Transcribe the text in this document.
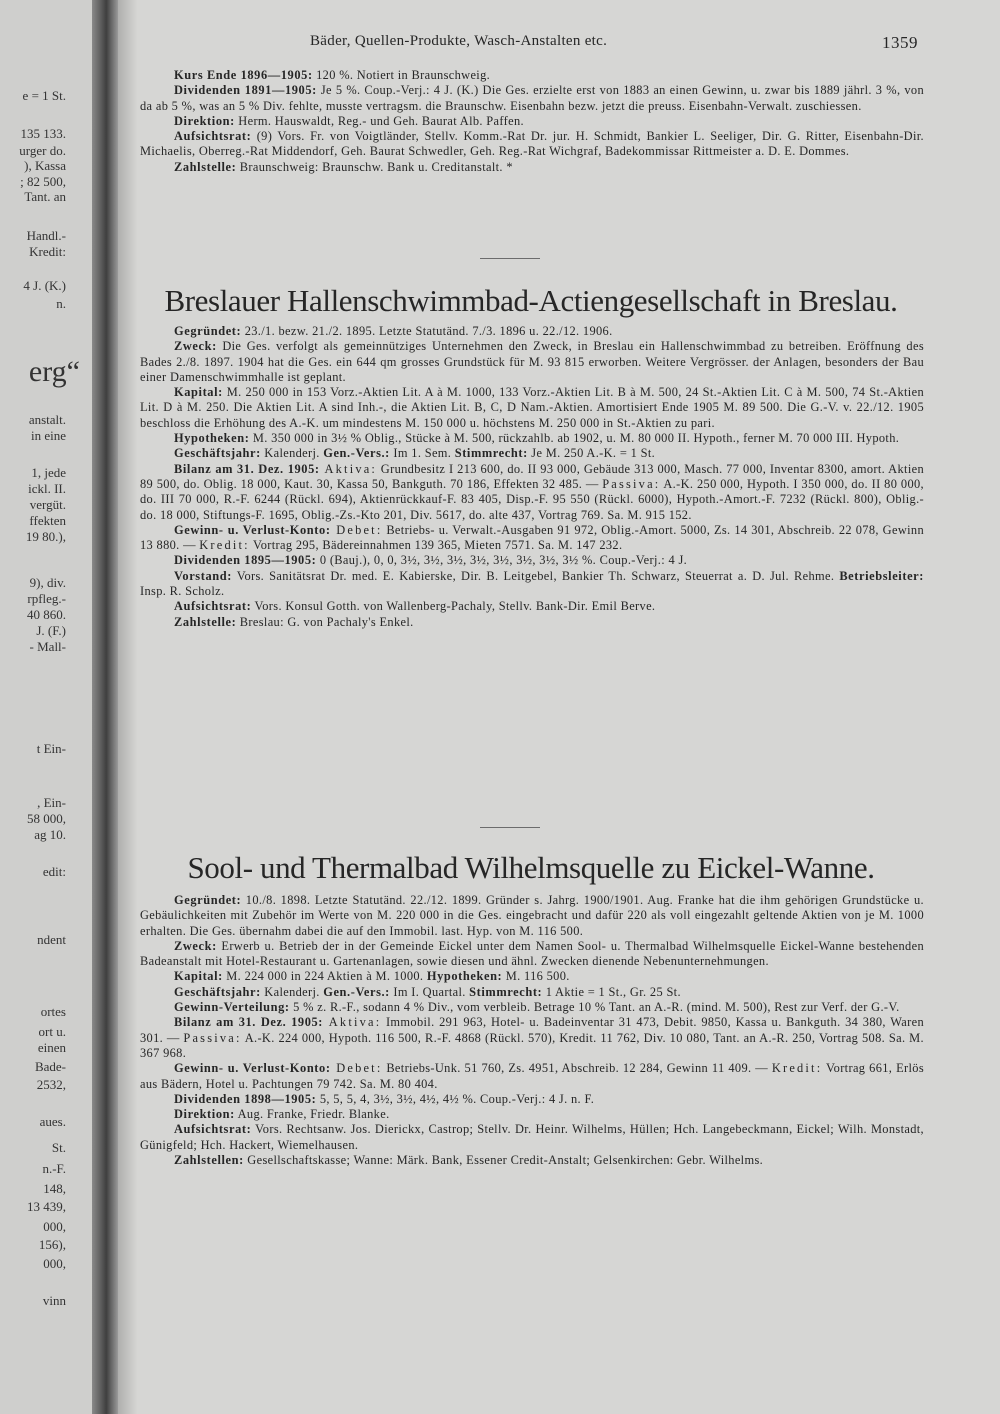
e = 1 St.
135 133.
urger do.
), Kassa
; 82 500,
Tant. an
Handl.-
Kredit:
4 J. (K.)
n.
erg“
anstalt.
in eine
1, jede
ickl. II.
vergüt.
ffekten
19 80.),
9), div.
rpfleg.-
40 860.
J. (F.)
- Mall-
t Ein-
, Ein-
58 000,
ag 10.
edit:
ndent
ortes
ort u.
einen
Bade-
2532,
aues.
St.
n.-F.
148,
13 439,
000,
156),
000,
vinn
Bäder, Quellen-Produkte, Wasch-Anstalten etc.	1359

Kurs Ende 1896—1905: 120 %. Notiert in Braunschweig.

Dividenden 1891—1905: Je 5 %. Coup.-Verj.: 4 J. (K.) Die Ges. erzielte erst von 1883 an einen Gewinn, u. zwar bis 1889 jährl. 3 %, von da ab 5 %, was an 5 % Div. fehlte, musste vertragsm. die Braunschw. Eisenbahn bezw. jetzt die preuss. Eisenbahn-Verwalt. zuschiessen.

Direktion: Herm. Hauswaldt, Reg.- und Geh. Baurat Alb. Paffen.

Aufsichtsrat: (9) Vors. Fr. von Voigtländer, Stellv. Komm.-Rat Dr. jur. H. Schmidt, Bankier L. Seeliger, Dir. G. Ritter, Eisenbahn-Dir. Michaelis, Oberreg.-Rat Middendorf, Geh. Baurat Schwedler, Geh. Reg.-Rat Wichgraf, Badekommissar Rittmeister a. D. E. Dommes.

Zahlstelle: Braunschweig: Braunschw. Bank u. Creditanstalt. *

Breslauer Hallenschwimmbad-Actiengesellschaft in Breslau.

Gegründet: 23./1. bezw. 21./2. 1895. Letzte Statutänd. 7./3. 1896 u. 22./12. 1906.

Zweck: Die Ges. verfolgt als gemeinnütziges Unternehmen den Zweck, in Breslau ein Hallenschwimmbad zu betreiben. Eröffnung des Bades 2./8. 1897. 1904 hat die Ges. ein 644 qm grosses Grundstück für M. 93 815 erworben. Weitere Vergrösser. der Anlagen, besonders der Bau einer Damenschwimmhalle ist geplant.

Kapital: M. 250 000 in 153 Vorz.-Aktien Lit. A à M. 1000, 133 Vorz.-Aktien Lit. B à M. 500, 24 St.-Aktien Lit. C à M. 500, 74 St.-Aktien Lit. D à M. 250. Die Aktien Lit. A sind Inh.-, die Aktien Lit. B, C, D Nam.-Aktien. Amortisiert Ende 1905 M. 89 500. Die G.-V. v. 22./12. 1905 beschloss die Erhöhung des A.-K. um mindestens M. 150 000 u. höchstens M. 250 000 in St.-Aktien zu pari.

Hypotheken: M. 350 000 in 3½ % Oblig., Stücke à M. 500, rückzahlb. ab 1902, u. M. 80 000 II. Hypoth., ferner M. 70 000 III. Hypoth.

Geschäftsjahr: Kalenderj. Gen.-Vers.: Im 1. Sem. Stimmrecht: Je M. 250 A.-K. = 1 St.

Bilanz am 31. Dez. 1905: Aktiva: Grundbesitz I 213 600, do. II 93 000, Gebäude 313 000, Masch. 77 000, Inventar 8300, amort. Aktien 89 500, do. Oblig. 18 000, Kaut. 30, Kassa 50, Bankguth. 70 186, Effekten 32 485. — Passiva: A.-K. 250 000, Hypoth. I 350 000, do. II 80 000, do. III 70 000, R.-F. 6244 (Rückl. 694), Aktienrückkauf-F. 83 405, Disp.-F. 95 550 (Rückl. 6000), Hypoth.-Amort.-F. 7232 (Rückl. 800), Oblig.- do. 18 000, Stiftungs-F. 1695, Oblig.-Zs.-Kto 201, Div. 5617, do. alte 437, Vortrag 769. Sa. M. 915 152.

Gewinn- u. Verlust-Konto: Debet: Betriebs- u. Verwalt.-Ausgaben 91 972, Oblig.-Amort. 5000, Zs. 14 301, Abschreib. 22 078, Gewinn 13 880. — Kredit: Vortrag 295, Bädereinnahmen 139 365, Mieten 7571. Sa. M. 147 232.

Dividenden 1895—1905: 0 (Bauj.), 0, 0, 3½, 3½, 3½, 3½, 3½, 3½, 3½, 3½ %. Coup.-Verj.: 4 J.

Vorstand: Vors. Sanitätsrat Dr. med. E. Kabierske, Dir. B. Leitgebel, Bankier Th. Schwarz, Steuerrat a. D. Jul. Rehme. Betriebsleiter: Insp. R. Scholz.

Aufsichtsrat: Vors. Konsul Gotth. von Wallenberg-Pachaly, Stellv. Bank-Dir. Emil Berve.

Zahlstelle: Breslau: G. von Pachaly's Enkel.

Sool- und Thermalbad Wilhelmsquelle zu Eickel-Wanne.

Gegründet: 10./8. 1898. Letzte Statutänd. 22./12. 1899. Gründer s. Jahrg. 1900/1901. Aug. Franke hat die ihm gehörigen Grundstücke u. Gebäulichkeiten mit Zubehör im Werte von M. 220 000 in die Ges. eingebracht und dafür 220 als voll eingezahlt geltende Aktien von je M. 1000 erhalten. Die Ges. übernahm dabei die auf den Immobil. last. Hyp. von M. 116 500.

Zweck: Erwerb u. Betrieb der in der Gemeinde Eickel unter dem Namen Sool- u. Thermalbad Wilhelmsquelle Eickel-Wanne bestehenden Badeanstalt mit Hotel-Restaurant u. Gartenanlagen, sowie diesen und ähnl. Zwecken dienende Nebenunternehmungen.

Kapital: M. 224 000 in 224 Aktien à M. 1000. Hypotheken: M. 116 500.

Geschäftsjahr: Kalenderj. Gen.-Vers.: Im I. Quartal. Stimmrecht: 1 Aktie = 1 St., Gr. 25 St.

Gewinn-Verteilung: 5 % z. R.-F., sodann 4 % Div., vom verbleib. Betrage 10 % Tant. an A.-R. (mind. M. 500), Rest zur Verf. der G.-V.

Bilanz am 31. Dez. 1905: Aktiva: Immobil. 291 963, Hotel- u. Badeinventar 31 473, Debit. 9850, Kassa u. Bankguth. 34 380, Waren 301. — Passiva: A.-K. 224 000, Hypoth. 116 500, R.-F. 4868 (Rückl. 570), Kredit. 11 762, Div. 10 080, Tant. an A.-R. 250, Vortrag 508. Sa. M. 367 968.

Gewinn- u. Verlust-Konto: Debet: Betriebs-Unk. 51 760, Zs. 4951, Abschreib. 12 284, Gewinn 11 409. — Kredit: Vortrag 661, Erlös aus Bädern, Hotel u. Pachtungen 79 742. Sa. M. 80 404.

Dividenden 1898—1905: 5, 5, 5, 4, 3½, 3½, 4½, 4½ %. Coup.-Verj.: 4 J. n. F.

Direktion: Aug. Franke, Friedr. Blanke.

Aufsichtsrat: Vors. Rechtsanw. Jos. Dierickx, Castrop; Stellv. Dr. Heinr. Wilhelms, Hüllen; Hch. Langebeckmann, Eickel; Wilh. Monstadt, Günigfeld; Hch. Hackert, Wiemelhausen.

Zahlstellen: Gesellschaftskasse; Wanne: Märk. Bank, Essener Credit-Anstalt; Gelsenkirchen: Gebr. Wilhelms.
